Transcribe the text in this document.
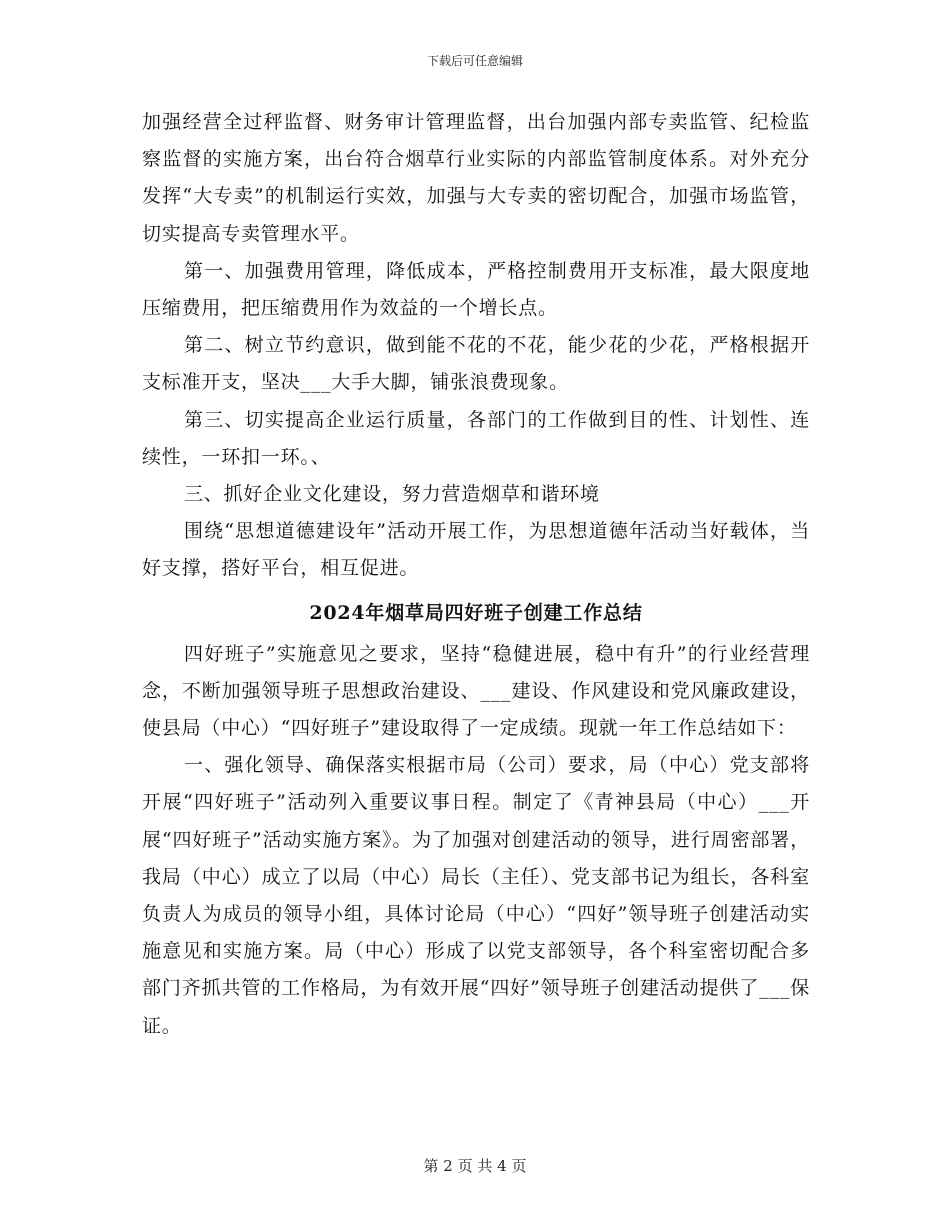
下载后可任意编辑

加强经营全过秤监督、财务审计管理监督，出台加强内部专卖监管、纪检监察监督的实施方案，出台符合烟草行业实际的内部监管制度体系。对外充分发挥“大专卖”的机制运行实效，加强与大专卖的密切配合，加强市场监管，切实提高专卖管理水平。

第一、加强费用管理，降低成本，严格控制费用开支标准，最大限度地压缩费用，把压缩费用作为效益的一个增长点。

第二、树立节约意识，做到能不花的不花，能少花的少花，严格根据开支标准开支，坚决___大手大脚，铺张浪费现象。

第三、切实提高企业运行质量，各部门的工作做到目的性、计划性、连续性，一环扣一环。、

三、抓好企业文化建设，努力营造烟草和谐环境

围绕“思想道德建设年”活动开展工作，为思想道德年活动当好载体，当好支撑，搭好平台，相互促进。

2024年烟草局四好班子创建工作总结

四好班子”实施意见之要求，坚持“稳健进展，稳中有升”的行业经营理念，不断加强领导班子思想政治建设、___建设、作风建设和党风廉政建设，使县局（中心）“四好班子”建设取得了一定成绩。现就一年工作总结如下：

一、强化领导、确保落实根据市局（公司）要求，局（中心）党支部将开展“四好班子”活动列入重要议事日程。制定了《青神县局（中心）___开展“四好班子”活动实施方案》。为了加强对创建活动的领导，进行周密部署，我局（中心）成立了以局（中心）局长（主任）、党支部书记为组长，各科室负责人为成员的领导小组，具体讨论局（中心）“四好”领导班子创建活动实施意见和实施方案。局（中心）形成了以党支部领导，各个科室密切配合多部门齐抓共管的工作格局，为有效开展“四好”领导班子创建活动提供了___保证。

第 2 页 共 4 页
